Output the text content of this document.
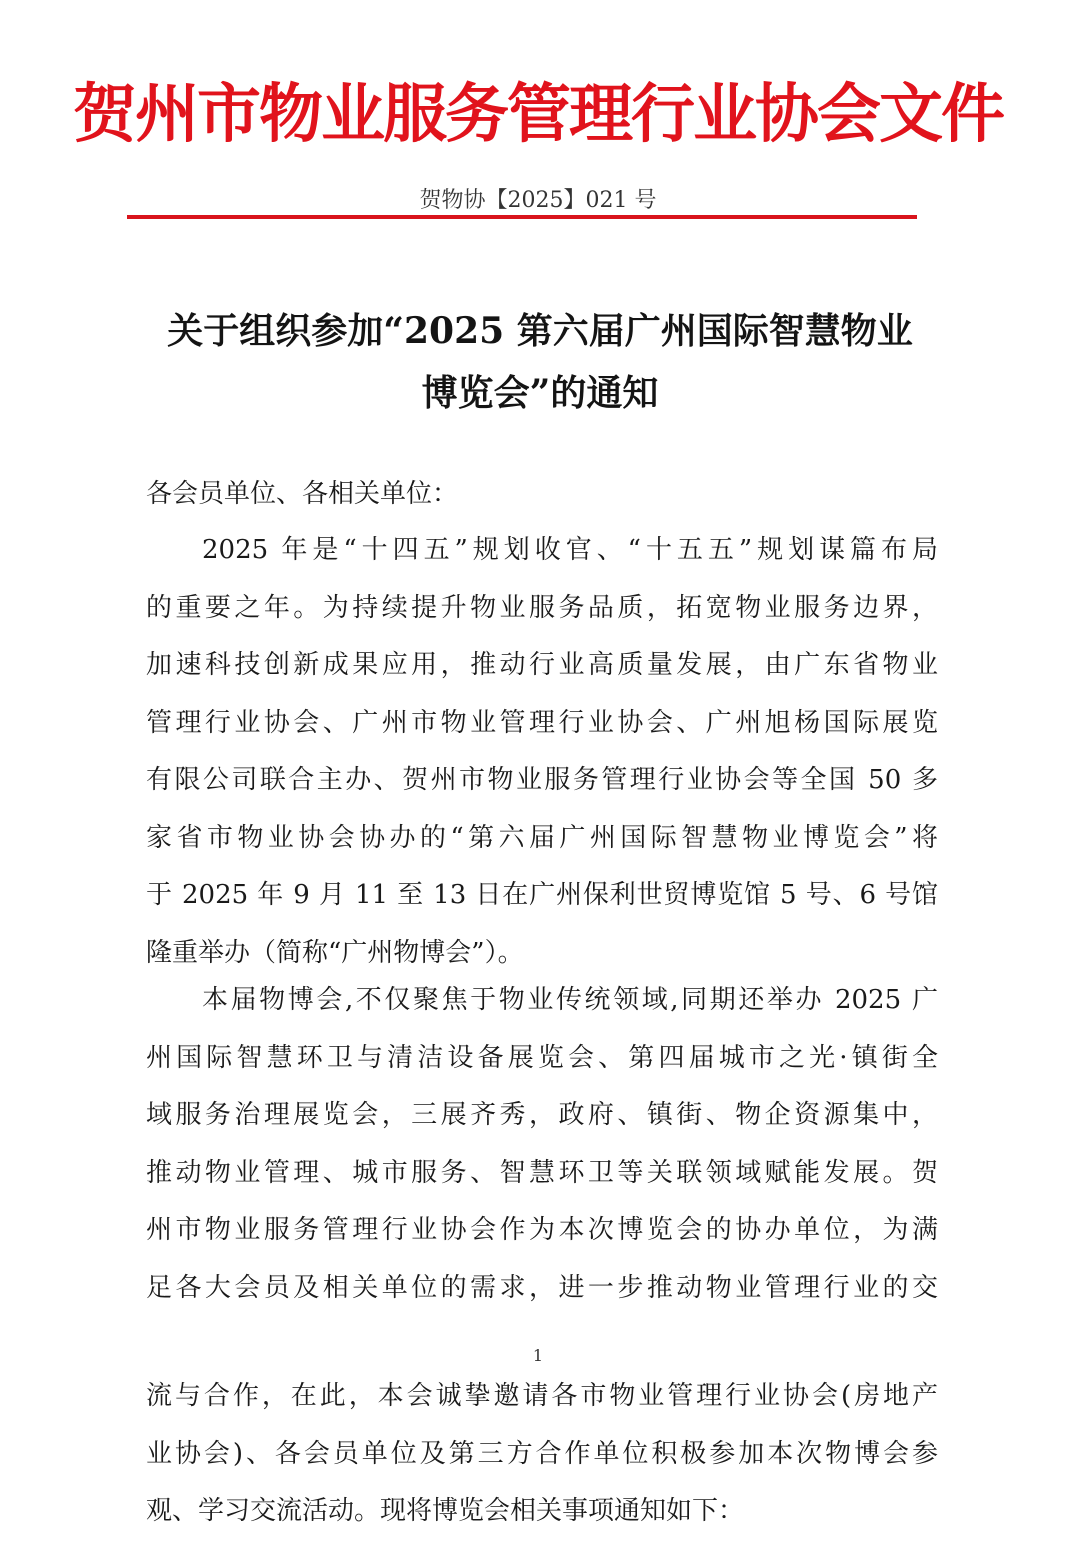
贺州市物业服务管理行业协会文件
贺物协【2025】021 号
关于组织参加“2025 第六届广州国际智慧物业
博览会”的通知
各会员单位、各相关单位：
2025 年是“十四五”规划收官、“十五五”规划谋篇布局
的重要之年。为持续提升物业服务品质，拓宽物业服务边界，
加速科技创新成果应用，推动行业高质量发展，由广东省物业
管理行业协会、广州市物业管理行业协会、广州旭杨国际展览
有限公司联合主办、贺州市物业服务管理行业协会等全国 50 多
家省市物业协会协办的“第六届广州国际智慧物业博览会”将
于 2025 年 9 月 11 至 13 日在广州保利世贸博览馆 5 号、6 号馆
隆重举办（简称“广州物博会”）。
本届物博会,不仅聚焦于物业传统领域,同期还举办 2025 广
州国际智慧环卫与清洁设备展览会、第四届城市之光·镇街全
域服务治理展览会，三展齐秀，政府、镇街、物企资源集中，
推动物业管理、城市服务、智慧环卫等关联领域赋能发展。贺
州市物业服务管理行业协会作为本次博览会的协办单位，为满
足各大会员及相关单位的需求，进一步推动物业管理行业的交
1
流与合作，在此，本会诚挚邀请各市物业管理行业协会(房地产
业协会)、各会员单位及第三方合作单位积极参加本次物博会参
观、学习交流活动。现将博览会相关事项通知如下：
